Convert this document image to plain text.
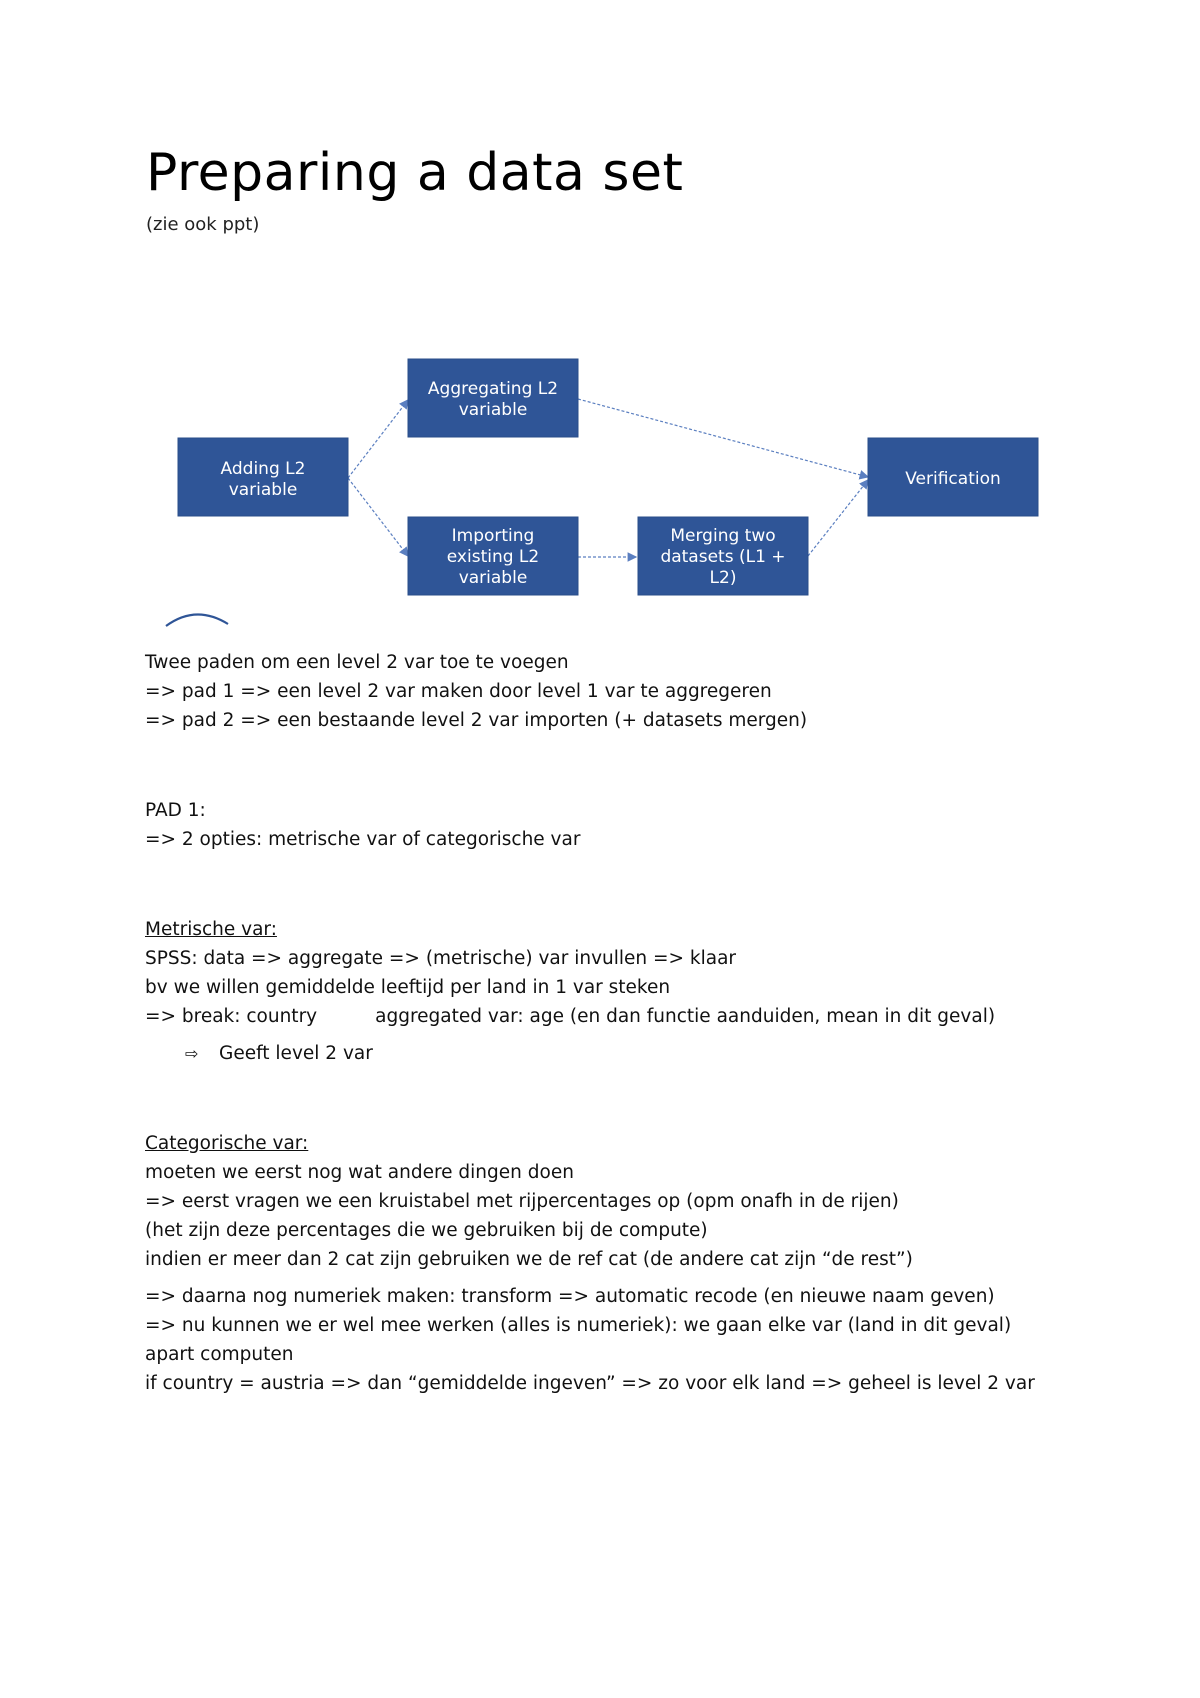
Preparing a data set
(zie ook ppt)
Adding L2
variable
Aggregating L2
variable
Importing
existing L2
variable
Merging two
datasets (L1 +
L2)
Verification
Twee paden om een level 2 var toe te voegen
=> pad 1 => een level 2 var maken door level 1 var te aggregeren
=> pad 2 => een bestaande level 2 var importen (+ datasets mergen)
PAD 1:
=> 2 opties: metrische var of categorische var
Metrische var:
SPSS: data => aggregate => (metrische) var invullen => klaar
bv we willen gemiddelde leeftijd per land in 1 var steken
=> break: country	aggregated var: age (en dan functie aanduiden, mean in dit geval)
⇨ Geeft level 2 var
Categorische var:
moeten we eerst nog wat andere dingen doen
=> eerst vragen we een kruistabel met rijpercentages op (opm onafh in de rijen)
(het zijn deze percentages die we gebruiken bij de compute)
indien er meer dan 2 cat zijn gebruiken we de ref cat (de andere cat zijn “de rest”)
=> daarna nog numeriek maken: transform => automatic recode (en nieuwe naam geven)
=> nu kunnen we er wel mee werken (alles is numeriek): we gaan elke var (land in dit geval) apart computen
if country = austria => dan “gemiddelde ingeven” => zo voor elk land => geheel is level 2 var
